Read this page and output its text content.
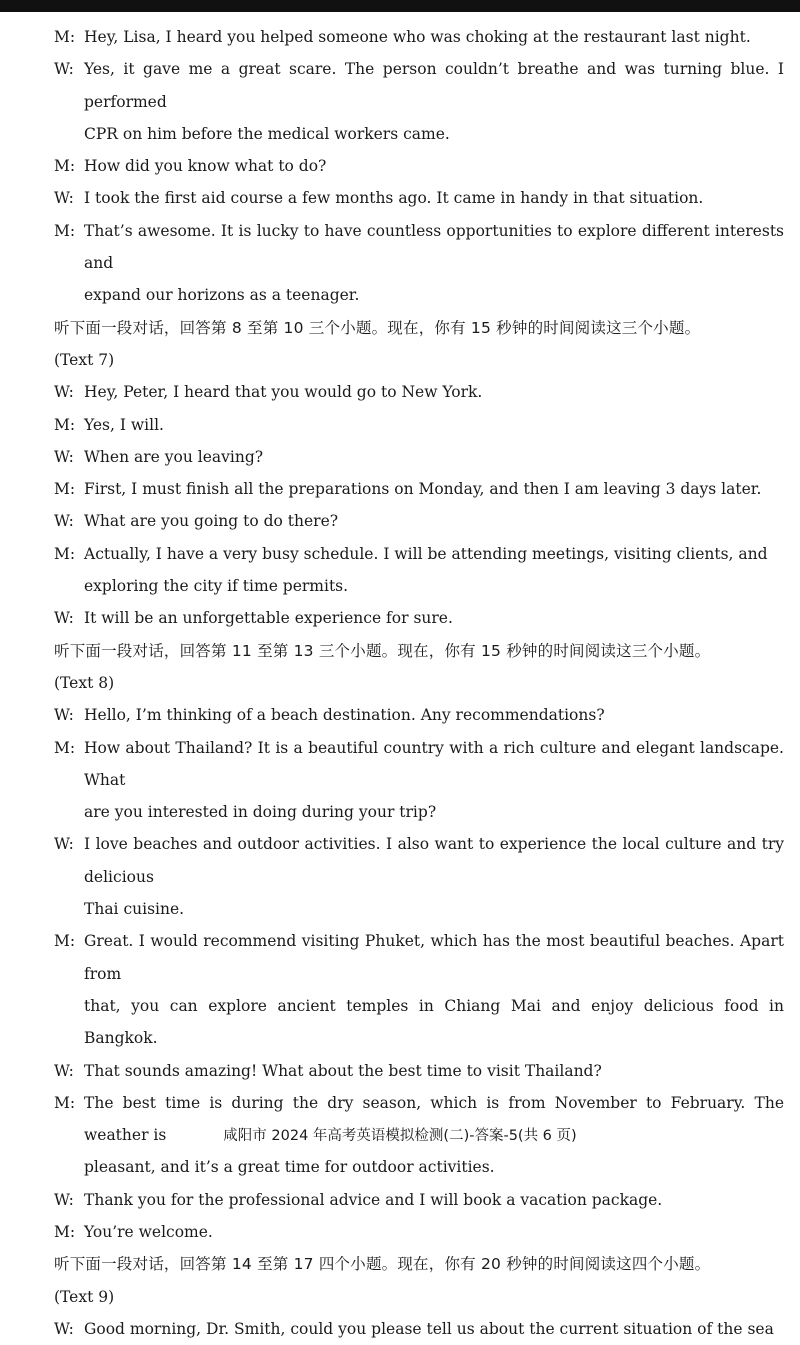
M: Hey, Lisa, I heard you helped someone who was choking at the restaurant last night.
W: Yes, it gave me a great scare. The person couldn’t breathe and was turning blue. I performed
CPR on him before the medical workers came.
M: How did you know what to do?
W: I took the first aid course a few months ago. It came in handy in that situation.
M: That’s awesome. It is lucky to have countless opportunities to explore different interests and
expand our horizons as a teenager.
听下面一段对话，回答第 8 至第 10 三个小题。现在，你有 15 秒钟的时间阅读这三个小题。
(Text 7)
W: Hey, Peter, I heard that you would go to New York.
M: Yes, I will.
W: When are you leaving?
M: First, I must finish all the preparations on Monday, and then I am leaving 3 days later.
W: What are you going to do there?
M: Actually, I have a very busy schedule. I will be attending meetings, visiting clients, and
exploring the city if time permits.
W: It will be an unforgettable experience for sure.
听下面一段对话，回答第 11 至第 13 三个小题。现在，你有 15 秒钟的时间阅读这三个小题。
(Text 8)
W: Hello, I’m thinking of a beach destination. Any recommendations?
M: How about Thailand? It is a beautiful country with a rich culture and elegant landscape. What
are you interested in doing during your trip?
W: I love beaches and outdoor activities. I also want to experience the local culture and try delicious
Thai cuisine.
M: Great. I would recommend visiting Phuket, which has the most beautiful beaches. Apart from
that, you can explore ancient temples in Chiang Mai and enjoy delicious food in Bangkok.
W: That sounds amazing! What about the best time to visit Thailand?
M: The best time is during the dry season, which is from November to February. The weather is
pleasant, and it’s a great time for outdoor activities.
W: Thank you for the professional advice and I will book a vacation package.
M: You’re welcome.
听下面一段对话，回答第 14 至第 17 四个小题。现在，你有 20 秒钟的时间阅读这四个小题。
(Text 9)
W: Good morning, Dr. Smith, could you please tell us about the current situation of the sea
咸阳市 2024 年高考英语模拟检测(二)-答案-5(共 6 页)
